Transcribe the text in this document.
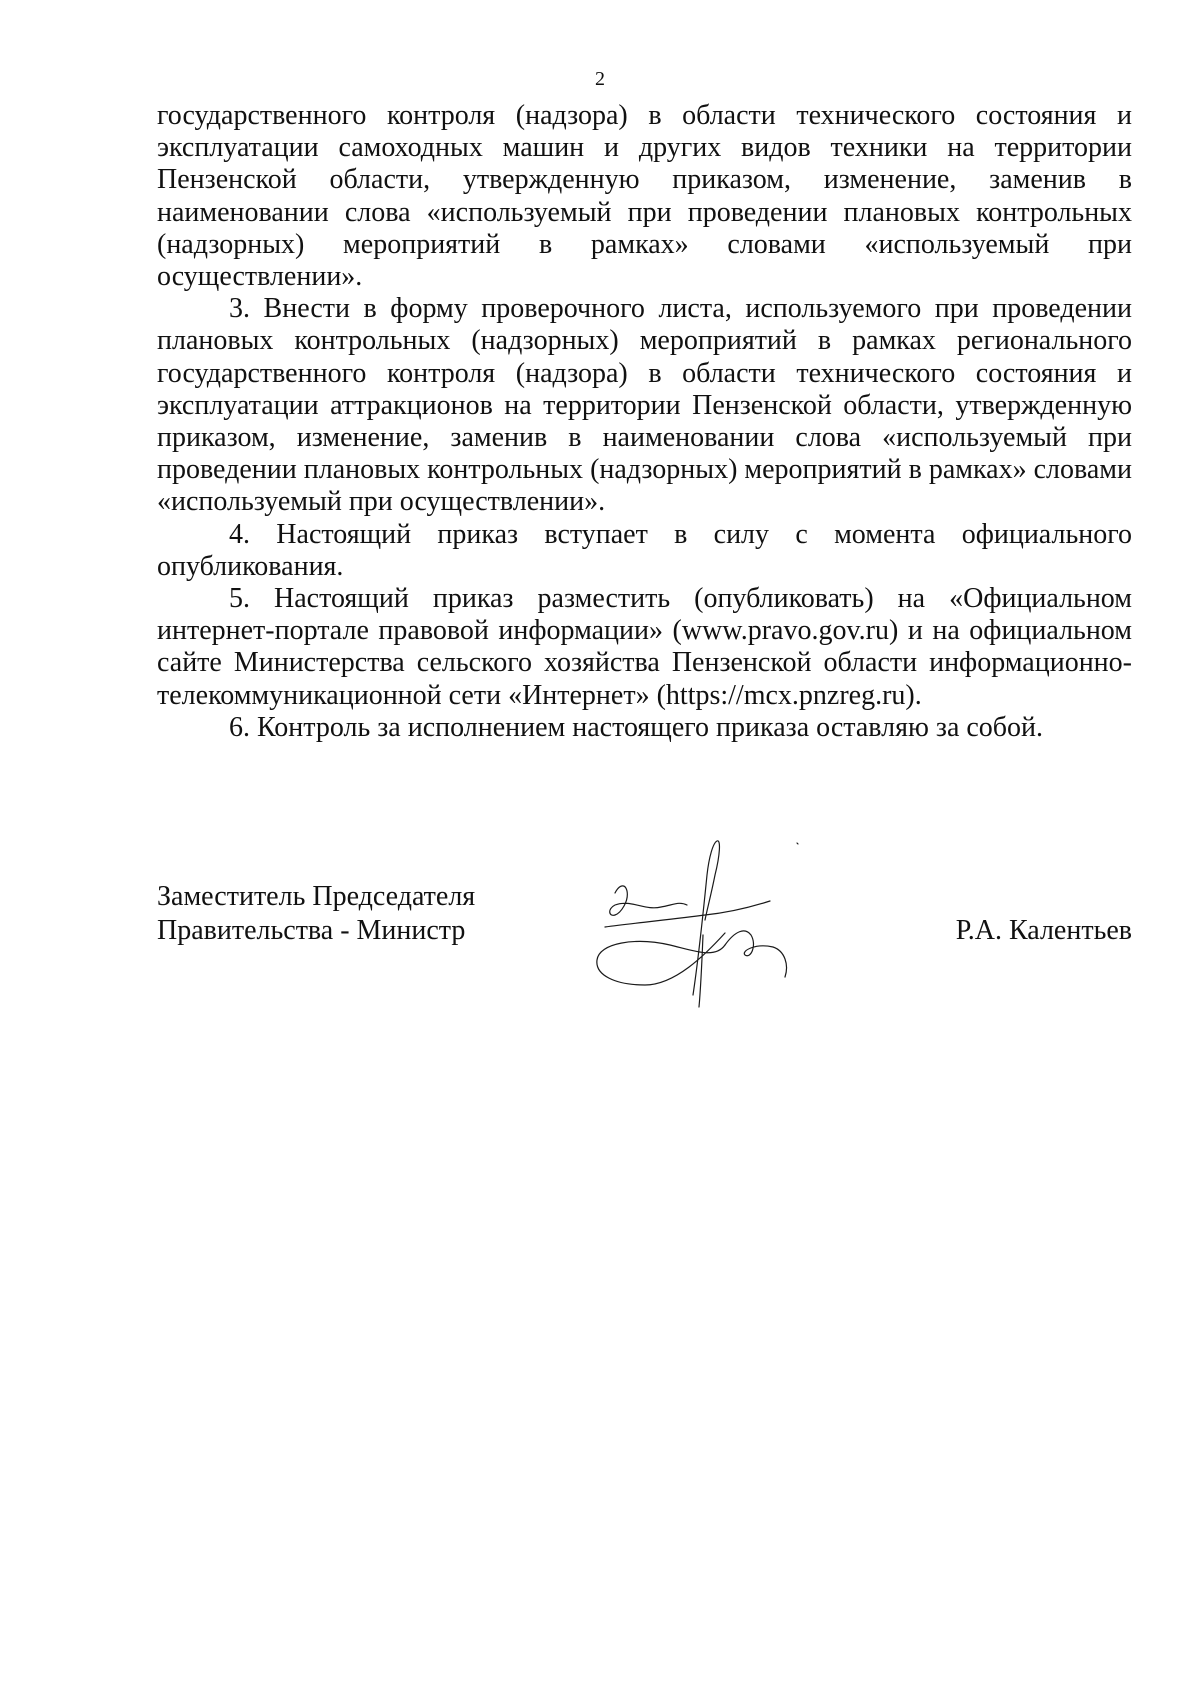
2

государственного контроля (надзора) в области технического состояния и эксплуатации самоходных машин и других видов техники на территории Пензенской области, утвержденную приказом, изменение, заменив в наименовании слова «используемый при проведении плановых контрольных (надзорных) мероприятий в рамках» словами «используемый при осуществлении».

3. Внести в форму проверочного листа, используемого при проведении плановых контрольных (надзорных) мероприятий в рамках регионального государственного контроля (надзора) в области технического состояния и эксплуатации аттракционов на территории Пензенской области, утвержденную приказом, изменение, заменив в наименовании слова «используемый при проведении плановых контрольных (надзорных) мероприятий в рамках» словами «используемый при осуществлении».

4. Настоящий приказ вступает в силу с момента официального опубликования.

5. Настоящий приказ разместить (опубликовать) на «Официальном интернет-портале правовой информации» (www.pravo.gov.ru) и на официальном сайте Министерства сельского хозяйства Пензенской области информационно-телекоммуникационной сети «Интернет» (https://mcx.pnzreg.ru).

6. Контроль за исполнением настоящего приказа оставляю за собой.

Заместитель Председателя
Правительства - Министр	Р.А. Калентьев
